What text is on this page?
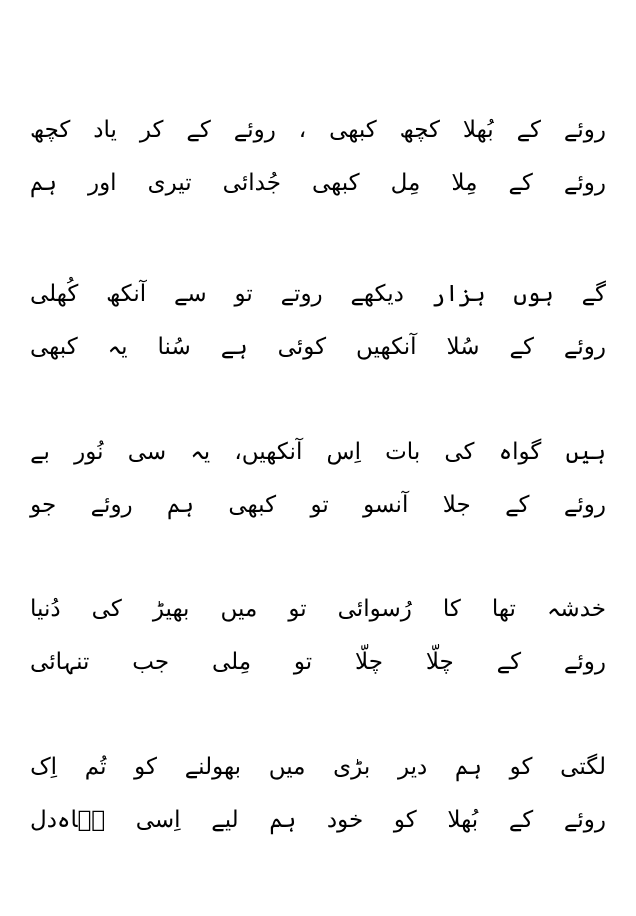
کچھ یاد کر کے روئے ، کبھی کچھ بُھلا کے روئے
ہم اور تیری جُدائی کبھی مِل مِلا کے روئے
کُھلی آنکھ سے تو روتے دیکھے ہزار ہوں گے
کبھی یہ سُنا ہے کوئی آنکھیں سُلا کے روئے
بے نُور سی یہ آنکھیں، اِس بات کی گواہ ہیں
جو روئے ہم کبھی تو آنسو جلا کے روئے
دُنیا کی بھیڑ میں تو رُسوائی کا تھا خدشہ
تنہائی جب مِلی تو چلّا چلّا کے روئے
اِک تُم کو بھولنے میں بڑی دیر ہم کو لگتی
شؔاہ‌دل اِسی لیے ہم خود کو بُھلا کے روئے
